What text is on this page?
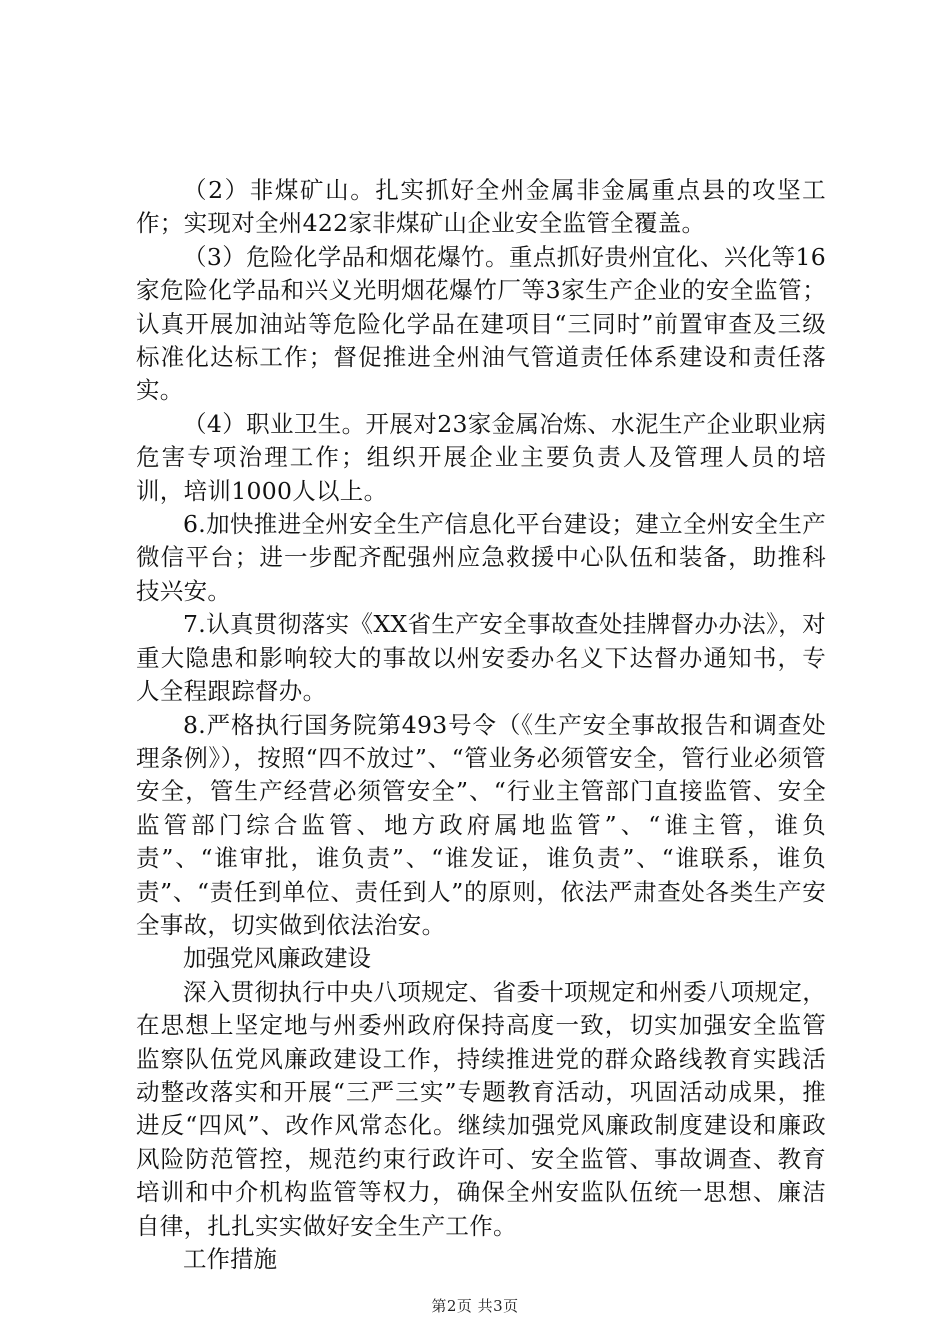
（2）非煤矿山。扎实抓好全州金属非金属重点县的攻坚工作；实现对全州422家非煤矿山企业安全监管全覆盖。

（3）危险化学品和烟花爆竹。重点抓好贵州宜化、兴化等16家危险化学品和兴义光明烟花爆竹厂等3家生产企业的安全监管；认真开展加油站等危险化学品在建项目“三同时”前置审查及三级标准化达标工作；督促推进全州油气管道责任体系建设和责任落实。

（4）职业卫生。开展对23家金属冶炼、水泥生产企业职业病危害专项治理工作；组织开展企业主要负责人及管理人员的培训，培训1000人以上。

6.加快推进全州安全生产信息化平台建设；建立全州安全生产微信平台；进一步配齐配强州应急救援中心队伍和装备，助推科技兴安。

7.认真贯彻落实《XX省生产安全事故查处挂牌督办办法》，对重大隐患和影响较大的事故以州安委办名义下达督办通知书，专人全程跟踪督办。

8.严格执行国务院第493号令（《生产安全事故报告和调查处理条例》），按照“四不放过”、“管业务必须管安全，管行业必须管安全，管生产经营必须管安全”、“行业主管部门直接监管、安全监管部门综合监管、地方政府属地监管”、“谁主管，谁负责”、“谁审批，谁负责”、“谁发证，谁负责”、“谁联系，谁负责”、“责任到单位、责任到人”的原则，依法严肃查处各类生产安全事故，切实做到依法治安。

加强党风廉政建设

深入贯彻执行中央八项规定、省委十项规定和州委八项规定，在思想上坚定地与州委州政府保持高度一致，切实加强安全监管监察队伍党风廉政建设工作，持续推进党的群众路线教育实践活动整改落实和开展“三严三实”专题教育活动，巩固活动成果，推进反“四风”、改作风常态化。继续加强党风廉政制度建设和廉政风险防范管控，规范约束行政许可、安全监管、事故调查、教育培训和中介机构监管等权力，确保全州安监队伍统一思想、廉洁自律，扎扎实实做好安全生产工作。

工作措施

第2页 共3页
